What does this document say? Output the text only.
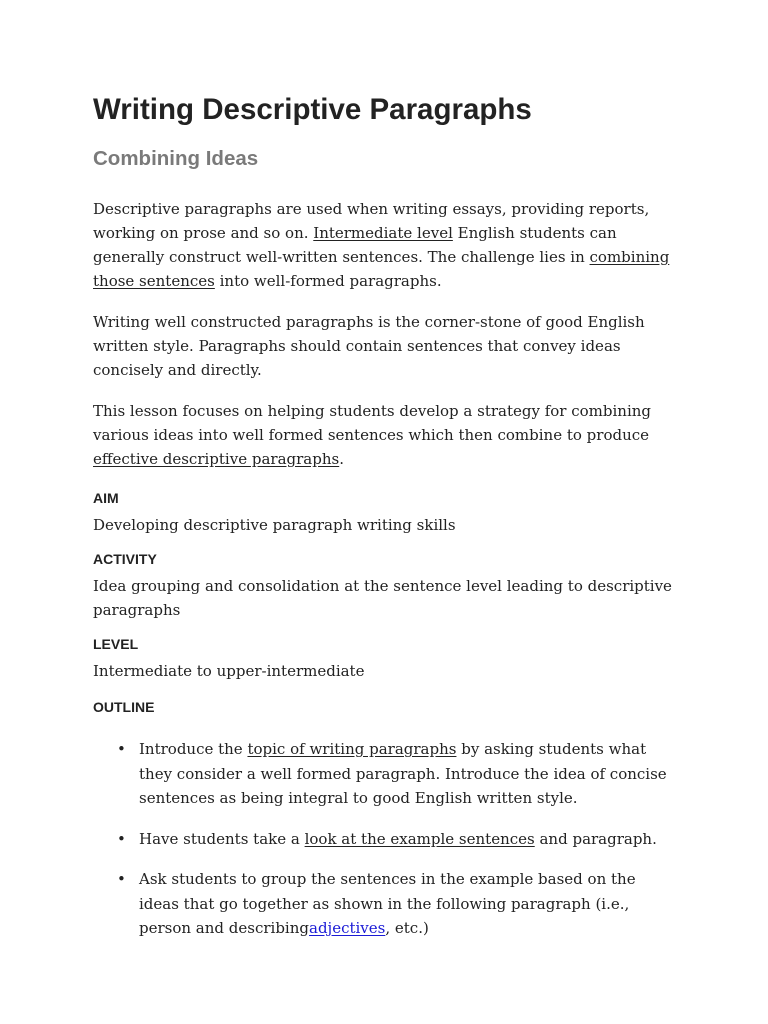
Writing Descriptive Paragraphs
Combining Ideas

Descriptive paragraphs are used when writing essays, providing reports, working on prose and so on. Intermediate level English students can generally construct well-written sentences. The challenge lies in combining those sentences into well-formed paragraphs.

Writing well constructed paragraphs is the corner-stone of good English written style. Paragraphs should contain sentences that convey ideas concisely and directly.

This lesson focuses on helping students develop a strategy for combining various ideas into well formed sentences which then combine to produce effective descriptive paragraphs.

AIM

Developing descriptive paragraph writing skills

ACTIVITY

Idea grouping and consolidation at the sentence level leading to descriptive paragraphs

LEVEL

Intermediate to upper-intermediate

OUTLINE
• Introduce the topic of writing paragraphs by asking students what they consider a well formed paragraph. Introduce the idea of concise sentences as being integral to good English written style.
• Have students take a look at the example sentences and paragraph.
• Ask students to group the sentences in the example based on the ideas that go together as shown in the following paragraph (i.e., person and describingadjectives, etc.)
